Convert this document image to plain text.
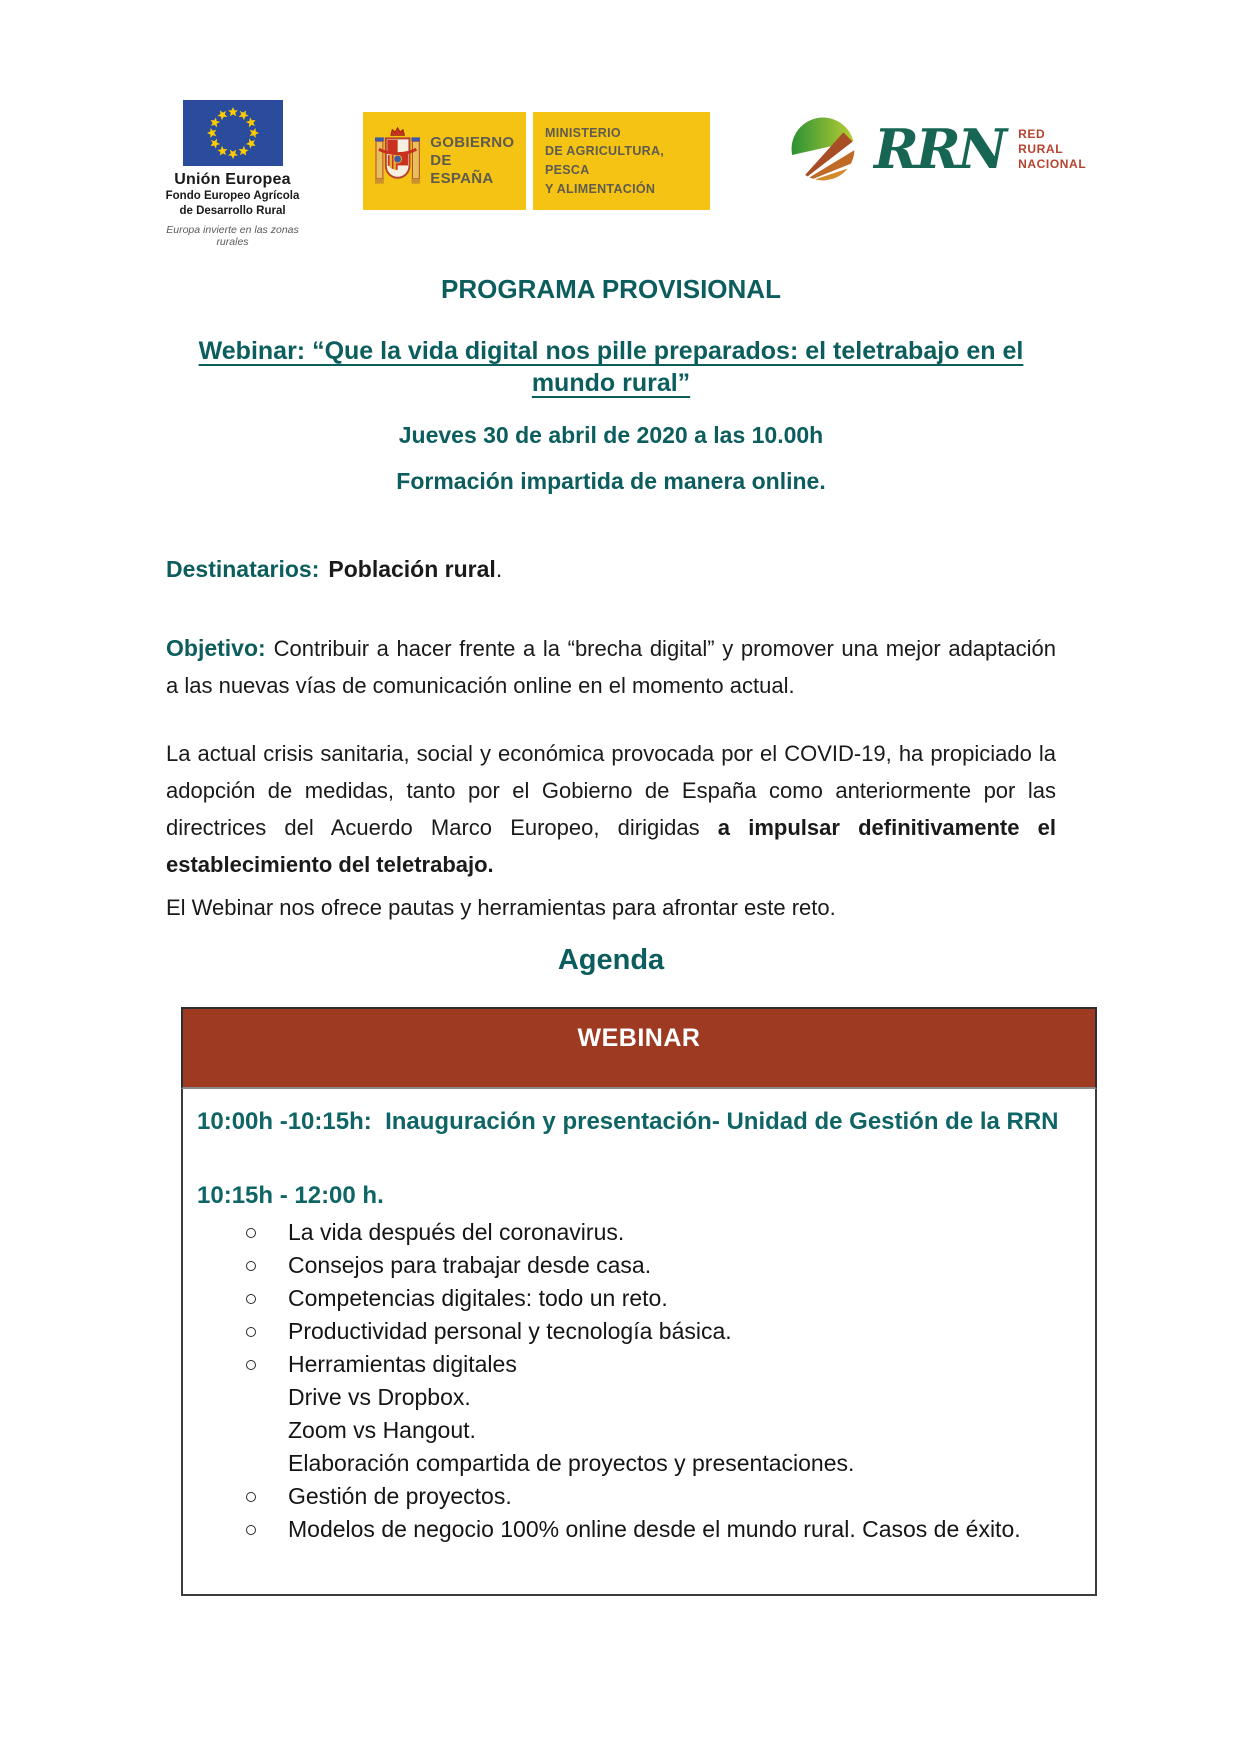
Unión Europea
Fondo Europeo Agrícola
de Desarrollo Rural
Europa invierte en las zonas rurales
GOBIERNO
DE ESPAÑA
MINISTERIO
DE AGRICULTURA, PESCA
Y ALIMENTACIÓN
RRN RED
RURAL
NACIONAL
PROGRAMA PROVISIONAL
Webinar: “Que la vida digital nos pille preparados: el teletrabajo en el mundo rural”
Jueves 30 de abril de 2020 a las 10.00h
Formación impartida de manera online.

Destinatarios: Población rural.

Objetivo: Contribuir a hacer frente a la “brecha digital” y promover una mejor adaptación a las nuevas vías de comunicación online en el momento actual.

La actual crisis sanitaria, social y económica provocada por el COVID-19, ha propiciado la adopción de medidas, tanto por el Gobierno de España como anteriormente por las directrices del Acuerdo Marco Europeo, dirigidas a impulsar definitivamente el establecimiento del teletrabajo.

El Webinar nos ofrece pautas y herramientas para afrontar este reto.

Agenda
WEBINAR
10:00h -10:15h:  Inauguración y presentación- Unidad de Gestión de la RRN
10:15h - 12:00 h.
La vida después del coronavirus.
Consejos para trabajar desde casa.
Competencias digitales: todo un reto.
Productividad personal y tecnología básica.
Herramientas digitales
Drive vs Dropbox.
Zoom vs Hangout.
Elaboración compartida de proyectos y presentaciones.
Gestión de proyectos.
Modelos de negocio 100% online desde el mundo rural. Casos de éxito.
